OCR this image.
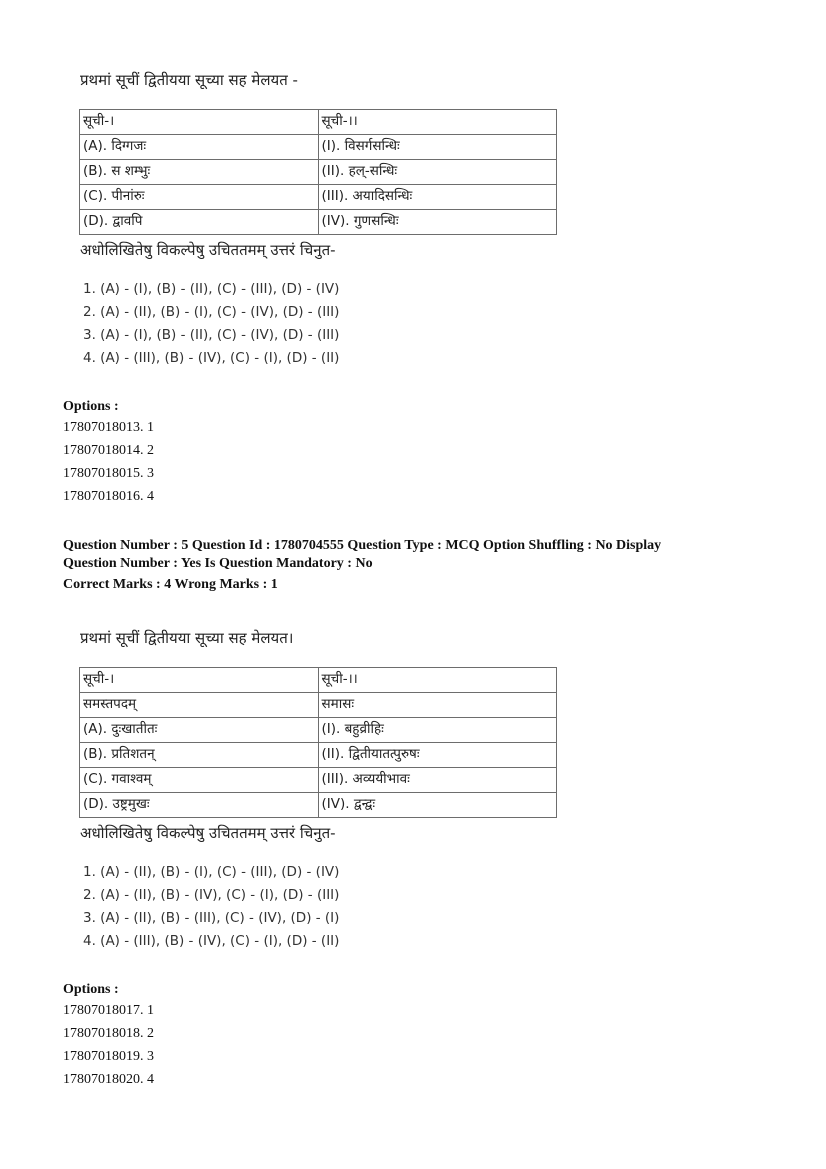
प्रथमां सूचीं द्वितीयया सूच्या सह मेलयत -
सूची-।	सूची-।।
(A). दिग्गजः	(I). विसर्गसन्धिः
(B). स शम्भुः	(II). हल्-सन्धिः
(C). पीनांरुः	(III). अयादिसन्धिः
(D). द्वावपि	(IV). गुणसन्धिः
अधोलिखितेषु विकल्पेषु उचिततमम् उत्तरं चिनुत-
1. (A) - (I), (B) - (II), (C) - (III), (D) - (IV)
2. (A) - (II), (B) - (I), (C) - (IV), (D) - (III)
3. (A) - (I), (B) - (II), (C) - (IV), (D) - (III)
4. (A) - (III), (B) - (IV), (C) - (I), (D) - (II)
Options :
17807018013. 1
17807018014. 2
17807018015. 3
17807018016. 4
Question Number : 5 Question Id : 1780704555 Question Type : MCQ Option Shuffling : No Display
Question Number : Yes Is Question Mandatory : No
Correct Marks : 4 Wrong Marks : 1
प्रथमां सूचीं द्वितीयया सूच्या सह मेलयत।
सूची-।	सूची-।।
समस्तपदम्	समासः
(A). दुःखातीतः	(I). बहुव्रीहिः
(B). प्रतिशतन्	(II). द्वितीयातत्पुरुषः
(C). गवाश्वम्	(III). अव्ययीभावः
(D). उष्ट्रमुखः	(IV). द्वन्द्वः
अधोलिखितेषु विकल्पेषु उचिततमम् उत्तरं चिनुत-
1. (A) - (II), (B) - (I), (C) - (III), (D) - (IV)
2. (A) - (II), (B) - (IV), (C) - (I), (D) - (III)
3. (A) - (II), (B) - (III), (C) - (IV), (D) - (I)
4. (A) - (III), (B) - (IV), (C) - (I), (D) - (II)
Options :
17807018017. 1
17807018018. 2
17807018019. 3
17807018020. 4
